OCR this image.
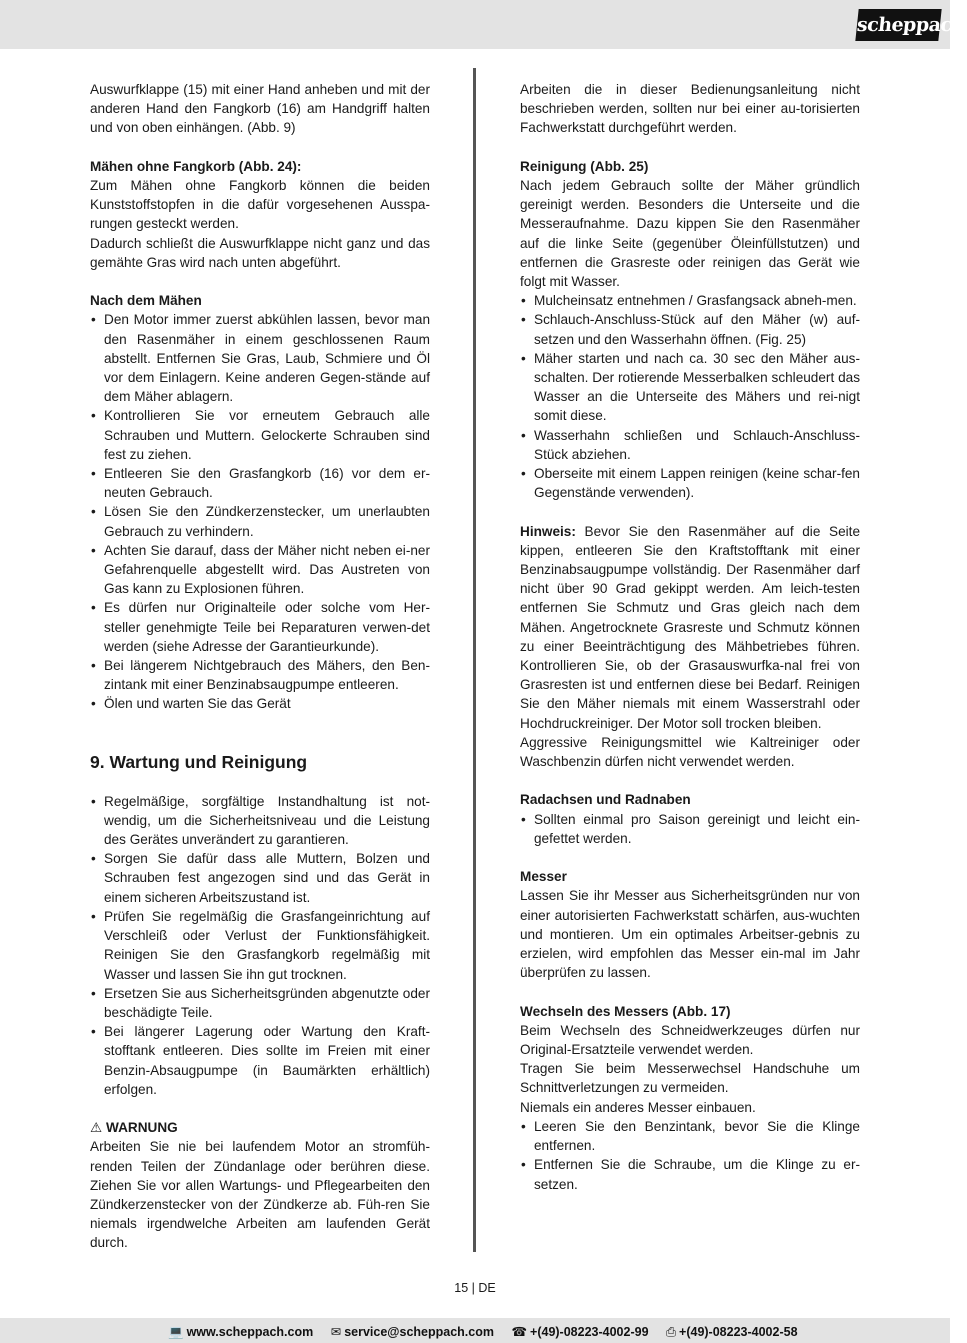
scheppach

Auswurfklappe (15) mit einer Hand anheben und mit der anderen Hand den Fangkorb (16) am Handgriff halten und von oben einhängen. (Abb. 9)

Mähen ohne Fangkorb (Abb. 24):

Zum Mähen ohne Fangkorb können die beiden Kunststoffstopfen in die dafür vorgesehenen Ausspa-rungen gesteckt werden.

Dadurch schließt die Auswurfklappe nicht ganz und das gemähte Gras wird nach unten abgeführt.

Nach dem Mähen

• Den Motor immer zuerst abkühlen lassen, bevor man den Rasenmäher in einem geschlossenen Raum abstellt. Entfernen Sie Gras, Laub, Schmiere und Öl vor dem Einlagern. Keine anderen Gegen-stände auf dem Mäher ablagern.
• Kontrollieren Sie vor erneutem Gebrauch alle Schrauben und Muttern. Gelockerte Schrauben sind fest zu ziehen.
• Entleeren Sie den Grasfangkorb (16) vor dem er-neuten Gebrauch.
• Lösen Sie den Zündkerzenstecker, um unerlaubten Gebrauch zu verhindern.
• Achten Sie darauf, dass der Mäher nicht neben ei-ner Gefahrenquelle abgestellt wird. Das Austreten von Gas kann zu Explosionen führen.
• Es dürfen nur Originalteile oder solche vom Her-steller genehmigte Teile bei Reparaturen verwen-det werden (siehe Adresse der Garantieurkunde).
• Bei längerem Nichtgebrauch des Mähers, den Ben-zintank mit einer Benzinabsaugpumpe entleeren.
• Ölen und warten Sie das Gerät

9. Wartung und Reinigung

• Regelmäßige, sorgfältige Instandhaltung ist not-wendig, um die Sicherheitsniveau und die Leistung des Gerätes unverändert zu garantieren.
• Sorgen Sie dafür dass alle Muttern, Bolzen und Schrauben fest angezogen sind und das Gerät in einem sicheren Arbeitszustand ist.
• Prüfen Sie regelmäßig die Grasfangeinrichtung auf Verschleiß oder Verlust der Funktionsfähigkeit. Reinigen Sie den Grasfangkorb regelmäßig mit Wasser und lassen Sie ihn gut trocknen.
• Ersetzen Sie aus Sicherheitsgründen abgenutzte oder beschädigte Teile.
• Bei längerer Lagerung oder Wartung den Kraft-stofftank entleeren. Dies sollte im Freien mit einer Benzin-Absaugpumpe (in Baumärkten erhältlich) erfolgen.

⚠ WARNUNG

Arbeiten Sie nie bei laufendem Motor an stromfüh-renden Teilen der Zündanlage oder berühren diese. Ziehen Sie vor allen Wartungs- und Pflegearbeiten den Zündkerzenstecker von der Zündkerze ab. Füh-ren Sie niemals irgendwelche Arbeiten am laufenden Gerät durch.

Arbeiten die in dieser Bedienungsanleitung nicht beschrieben werden, sollten nur bei einer au-torisierten Fachwerkstatt durchgeführt werden.

Reinigung (Abb. 25)

Nach jedem Gebrauch sollte der Mäher gründlich gereinigt werden. Besonders die Unterseite und die Messeraufnahme. Dazu kippen Sie den Rasenmäher auf die linke Seite (gegenüber Öleinfüllstutzen) und entfernen die Grasreste oder reinigen das Gerät wie folgt mit Wasser.

• Mulcheinsatz entnehmen / Grasfangsack abneh-men.
• Schlauch-Anschluss-Stück auf den Mäher (w) auf-setzen und den Wasserhahn öffnen. (Fig. 25)
• Mäher starten und nach ca. 30 sec den Mäher aus-schalten. Der rotierende Messerbalken schleudert das Wasser an die Unterseite des Mähers und rei-nigt somit diese.
• Wasserhahn schließen und Schlauch-Anschluss-Stück abziehen.
• Oberseite mit einem Lappen reinigen (keine schar-fen Gegenstände verwenden).

Hinweis: Bevor Sie den Rasenmäher auf die Seite kippen, entleeren Sie den Kraftstofftank mit einer Benzinabsaugpumpe vollständig. Der Rasenmäher darf nicht über 90 Grad gekippt werden. Am leich-testen entfernen Sie Schmutz und Gras gleich nach dem Mähen. Angetrocknete Grasreste und Schmutz können zu einer Beeinträchtigung des Mähbetriebes führen. Kontrollieren Sie, ob der Grasauswurfka-nal frei von Grasresten ist und entfernen diese bei Bedarf. Reinigen Sie den Mäher niemals mit einem Wasserstrahl oder Hochdruckreiniger. Der Motor soll trocken bleiben.

Aggressive Reinigungsmittel wie Kaltreiniger oder Waschbenzin dürfen nicht verwendet werden.

Radachsen und Radnaben

• Sollten einmal pro Saison gereinigt und leicht ein-gefettet werden.

Messer

Lassen Sie ihr Messer aus Sicherheitsgründen nur von einer autorisierten Fachwerkstatt schärfen, aus-wuchten und montieren. Um ein optimales Arbeitser-gebnis zu erzielen, wird empfohlen das Messer ein-mal im Jahr überprüfen zu lassen.

Wechseln des Messers (Abb. 17)

Beim Wechseln des Schneidwerkzeuges dürfen nur Original-Ersatzteile verwendet werden.

Tragen Sie beim Messerwechsel Handschuhe um Schnittverletzungen zu vermeiden.

Niemals ein anderes Messer einbauen.

• Leeren Sie den Benzintank, bevor Sie die Klinge entfernen.
• Entfernen Sie die Schraube, um die Klinge zu er-setzen.
15 | DE
💻 www.scheppach.com ✉ service@scheppach.com ☎ +(49)-08223-4002-99 ⎙ +(49)-08223-4002-58
